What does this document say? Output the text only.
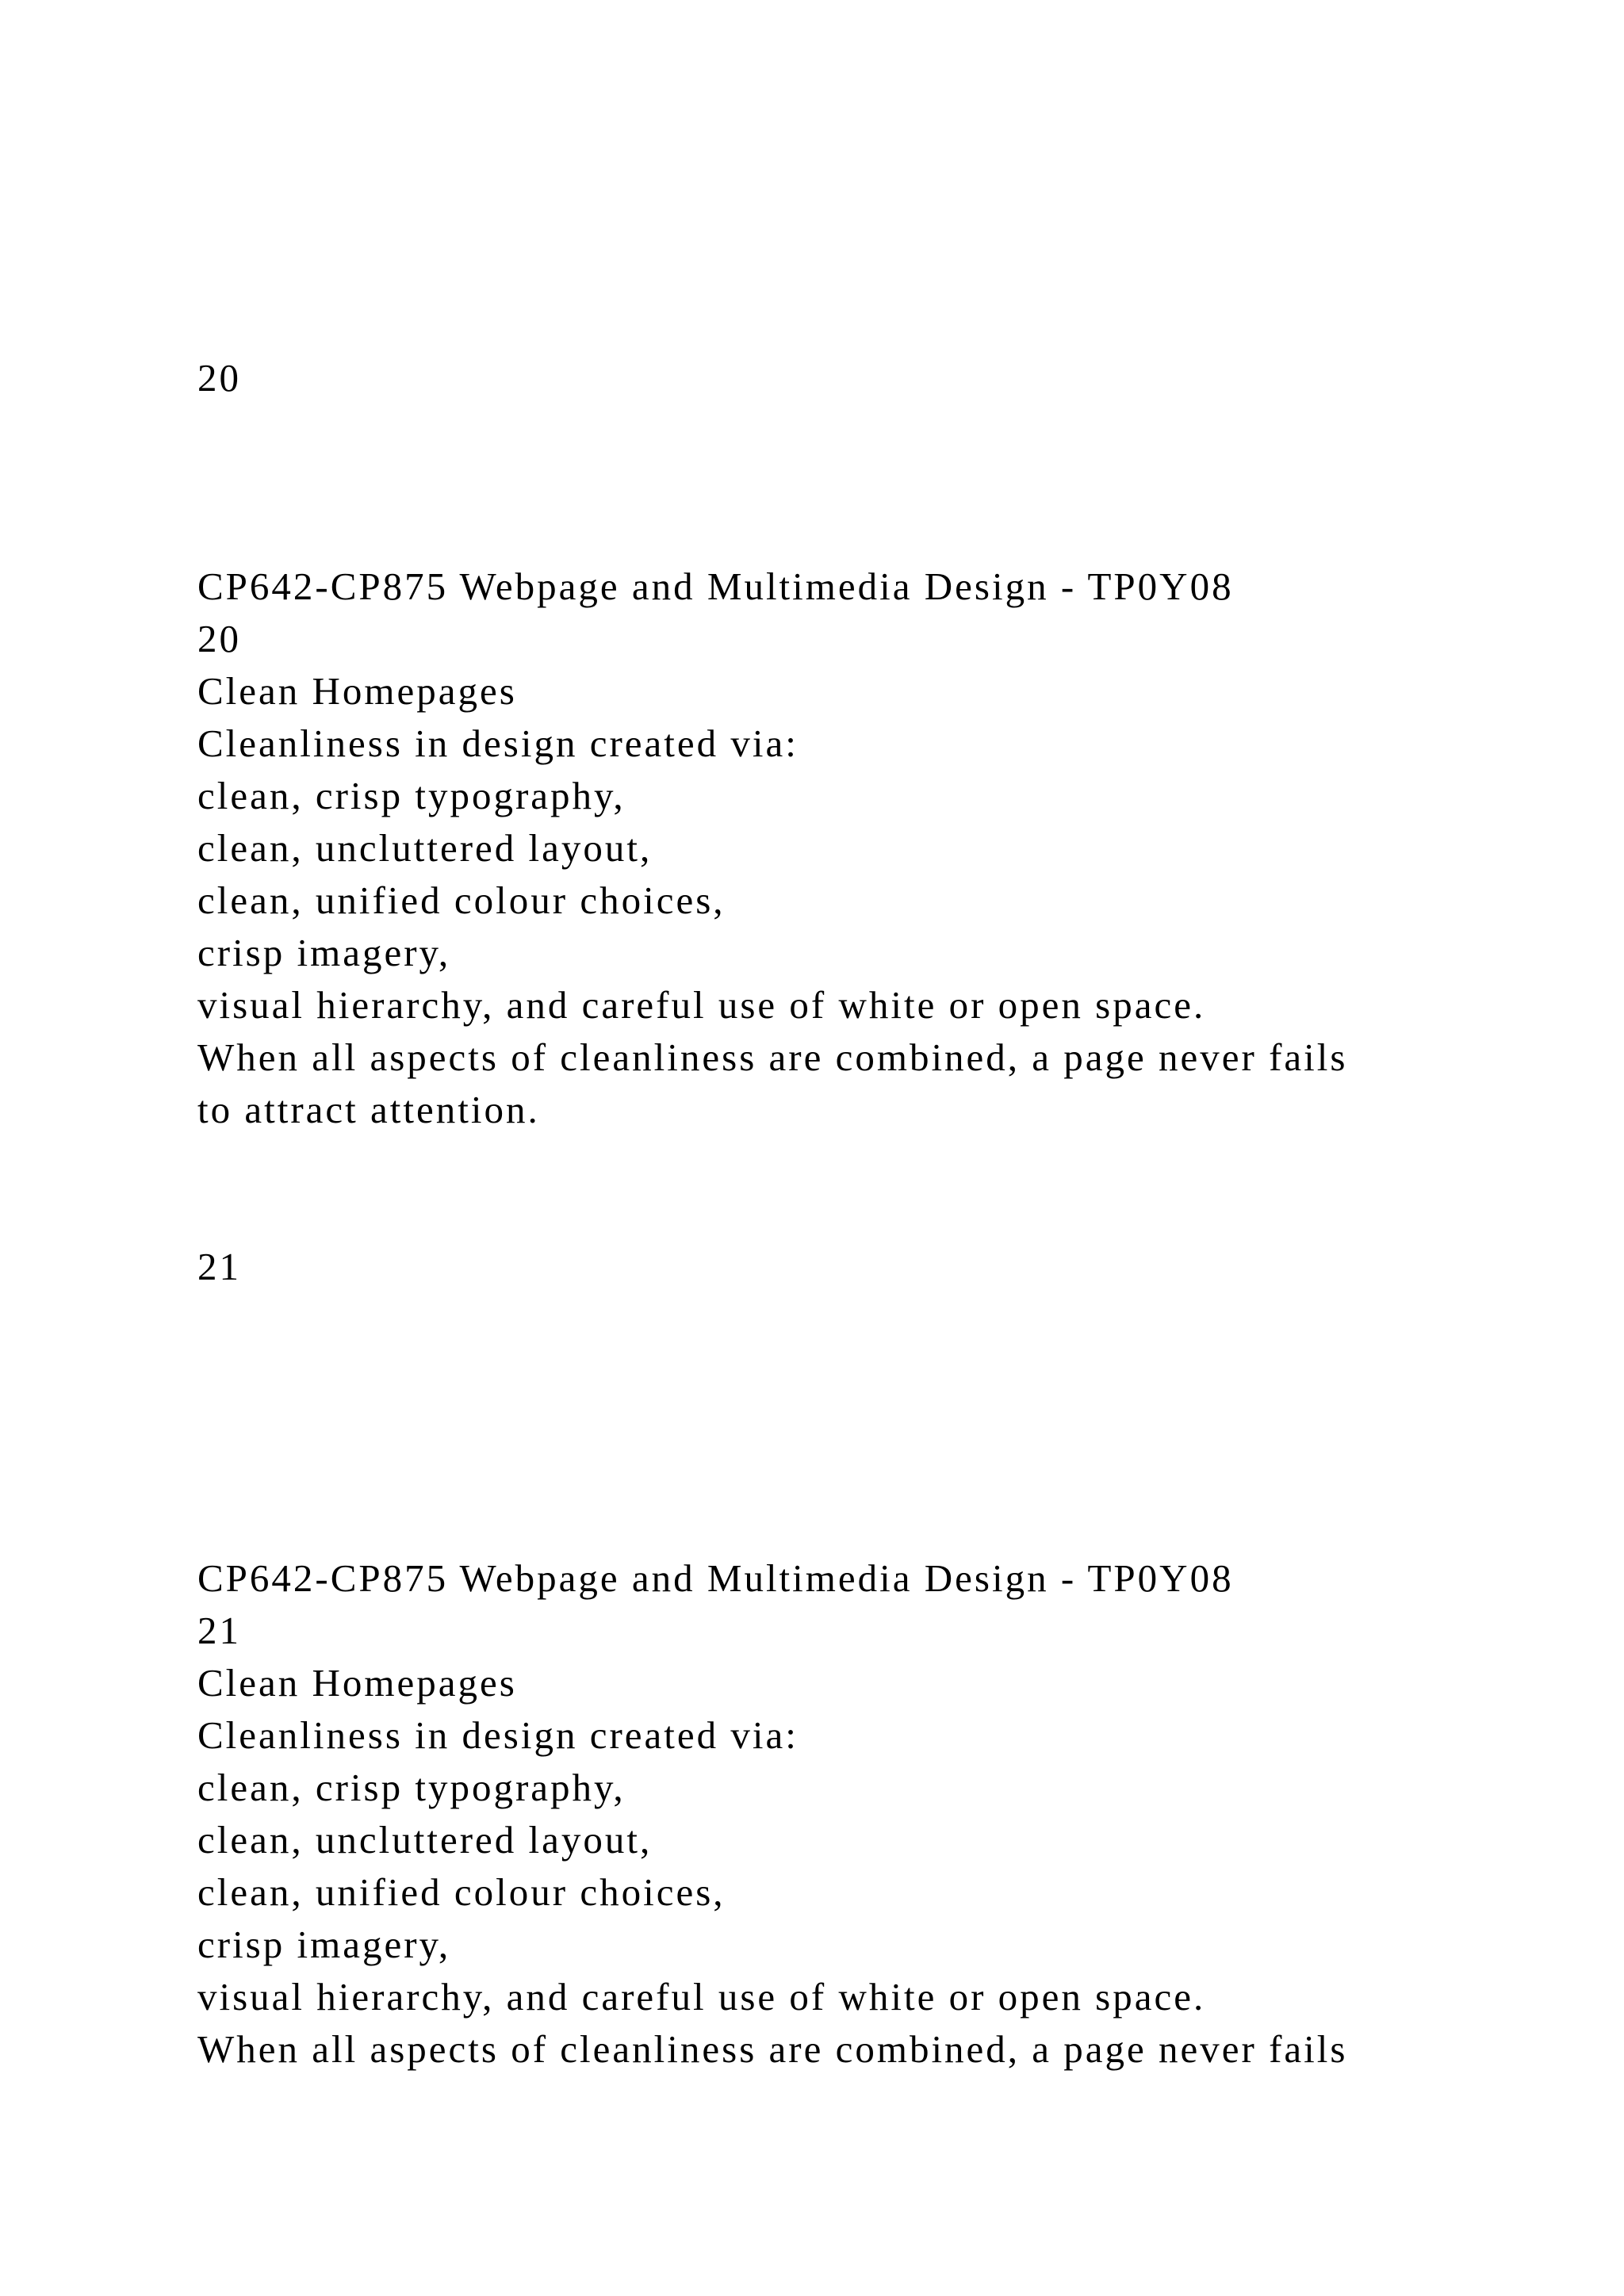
20

CP642-CP875 Webpage and Multimedia Design - TP0Y08

20

Clean Homepages

Cleanliness in design created via:

clean, crisp typography,

clean, uncluttered layout,

clean, unified colour choices,

crisp imagery,

visual hierarchy, and careful use of white or open space.

When all aspects of cleanliness are combined, a page never fails

to attract attention.

21

CP642-CP875 Webpage and Multimedia Design - TP0Y08

21

Clean Homepages

Cleanliness in design created via:

clean, crisp typography,

clean, uncluttered layout,

clean, unified colour choices,

crisp imagery,

visual hierarchy, and careful use of white or open space.

When all aspects of cleanliness are combined, a page never fails
